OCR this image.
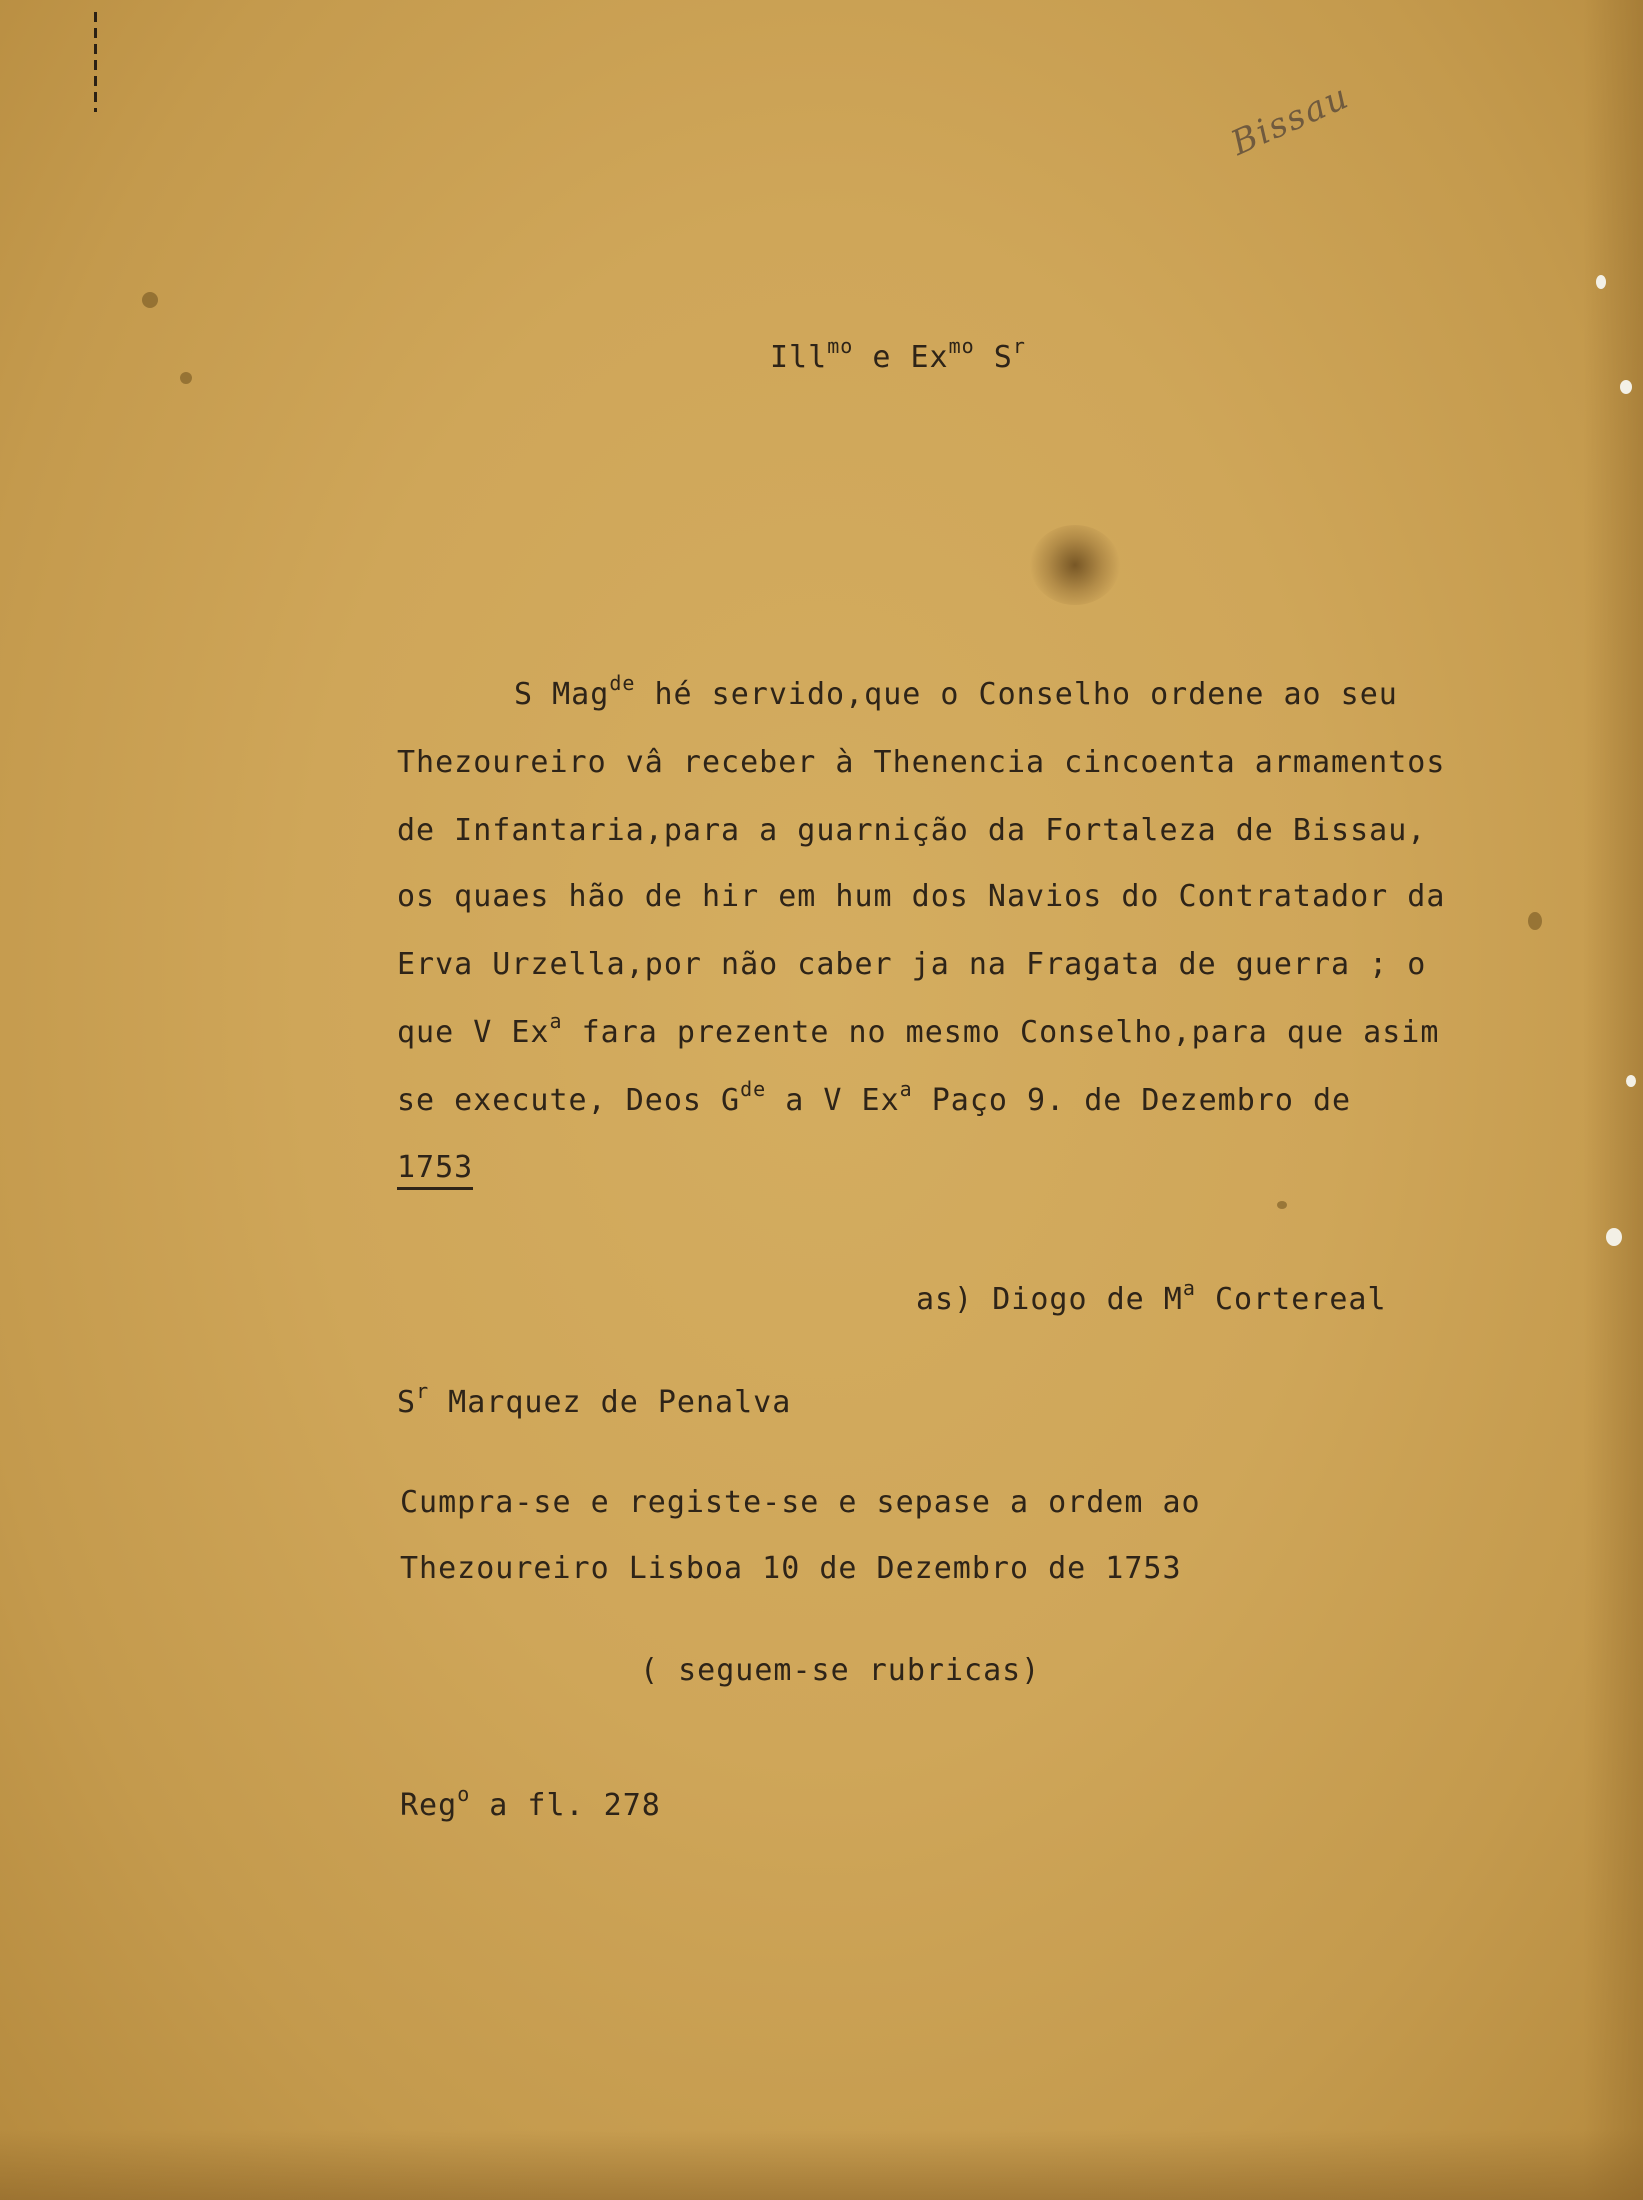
Bissau
Ill$^{mo}$ e $Ex^{mo}$ $S^r$
S Mag$^{de}$ hé servido,que o Conselho ordene ao seu
Thezoureiro vâ receber à Thenencia cincoenta armamentos
de Infantaria,para a guarnição da Fortaleza de Bissau,
os quaes hão de hir em hum dos Navios do Contratador da
Erva Urzella,por não caber ja na Fragata de guerra ; o
que V Ex$^a$ fara prezente no mesmo Conselho,para que asim
se execute, Deos $G^{de}$ a V Ex$^a$ Paço 9. de Dezembro de
1753
as) Diogo de $M^a$ Cortereal
$S^r$ Marquez de Penalva
Cumpra-se e registe-se e sepase a ordem ao
Thezoureiro Lisboa 10 de Dezembro de 1753
( seguem-se rubricas)
Reg$^o$ a fl. 278
